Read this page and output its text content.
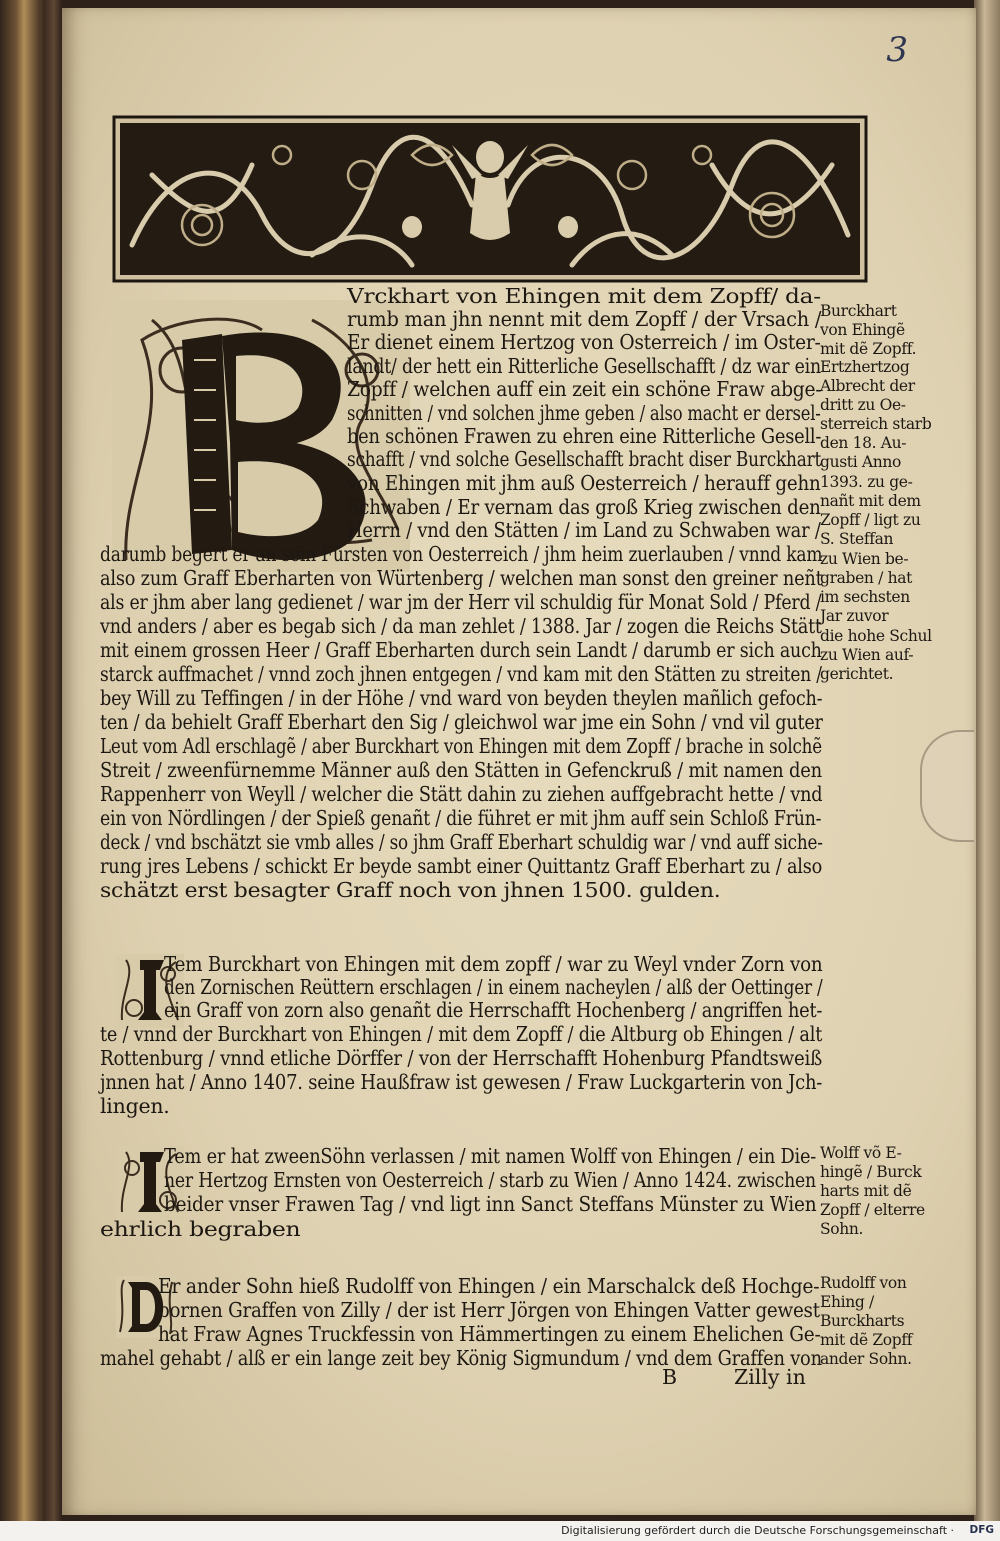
3
Vrckhart von Ehingen mit dem Zopff/ da-
rumb man jhn nennt mit dem Zopff / der Vrsach /
Er dienet einem Hertzog von Osterreich / im Oster-
landt/ der hett ein Ritterliche Gesellschafft / dz war ein
Zopff / welchen auff ein zeit ein schöne Fraw abge-
schnitten / vnd solchen jhme geben / also macht er dersel-
ben schönen Frawen zu ehren eine Ritterliche Gesell-
schafft / vnd solche Gesellschafft bracht diser Burckhart
von Ehingen mit jhm auß Oesterreich / herauff gehn
Schwaben / Er vernam das groß Krieg zwischen den
Herrn / vnd den Stätten / im Land zu Schwaben war /
darumb begert er an sein Fürsten von Oesterreich / jhm heim zuerlauben / vnnd kam
also zum Graff Eberharten von Würtenberg / welchen man sonst den greiner neñt
als er jhm aber lang gedienet / war jm der Herr vil schuldig für Monat Sold / Pferd /
vnd anders / aber es begab sich / da man zehlet / 1388. Jar / zogen die Reichs Stätt
mit einem grossen Heer / Graff Eberharten durch sein Landt / darumb er sich auch
starck auffmachet / vnnd zoch jhnen entgegen / vnd kam mit den Stätten zu streiten /
bey Will zu Teffingen / in der Höhe / vnd ward von beyden theylen mañlich gefoch-
ten / da behielt Graff Eberhart den Sig / gleichwol war jme ein Sohn / vnd vil guter
Leut vom Adl erschlagẽ / aber Burckhart von Ehingen mit dem Zopff / brache in solchẽ
Streit / zweenfürnemme Männer auß den Stätten in Gefenckruß / mit namen den
Rappenherr von Weyll / welcher die Stätt dahin zu ziehen auffgebracht hette / vnd
ein von Nördlingen / der Spieß genañt / die führet er mit jhm auff sein Schloß Frün-
deck / vnd bschätzt sie vmb alles / so jhm Graff Eberhart schuldig war / vnd auff siche-
rung jres Lebens / schickt Er beyde sambt einer Quittantz Graff Eberhart zu / also
schätzt erst besagter Graff noch von jhnen 1500. gulden.
Tem Burckhart von Ehingen mit dem zopff / war zu Weyl vnder Zorn von
den Zornischen Reüttern erschlagen / in einem nacheylen / alß der Oettinger /
ein Graff von zorn also genañt die Herrschafft Hochenberg / angriffen het-
te / vnnd der Burckhart von Ehingen / mit dem Zopff / die Altburg ob Ehingen / alt
Rottenburg / vnnd etliche Dörffer / von der Herrschafft Hohenburg Pfandtsweiß
jnnen hat / Anno 1407. seine Haußfraw ist gewesen / Fraw Luckgarterin von Jch-
lingen.
Tem er hat zweenSöhn verlassen / mit namen Wolff von Ehingen / ein Die-
ner Hertzog Ernsten von Oesterreich / starb zu Wien / Anno 1424. zwischen
beider vnser Frawen Tag / vnd ligt inn Sanct Steffans Münster zu Wien
ehrlich begraben
Er ander Sohn hieß Rudolff von Ehingen / ein Marschalck deß Hochge-
bornen Graffen von Zilly / der ist Herr Jörgen von Ehingen Vatter gewest
hat Fraw Agnes Truckfessin von Hämmertingen zu einem Ehelichen Ge-
mahel gehabt / alß er ein lange zeit bey König Sigmundum / vnd dem Graffen von
Burckhart
von Ehingẽ
mit dẽ Zopff.
Ertzhertzog
Albrecht der
dritt zu Oe-
sterreich starb
den 18. Au-
gusti Anno
1393. zu ge-
nañt mit dem
Zopff / ligt zu
S. Steffan
zu Wien be-
graben / hat
im sechsten
Jar zuvor
die hohe Schul
zu Wien auf-
gerichtet.
Wolff võ E-
hingẽ / Burck
harts mit dẽ
Zopff / elterre
Sohn.
Rudolff von
Ehing /
Burckharts
mit dẽ Zopff
ander Sohn.
B	Zilly in
Digitalisierung gefördert durch die Deutsche Forschungsgemeinschaft · DFG
